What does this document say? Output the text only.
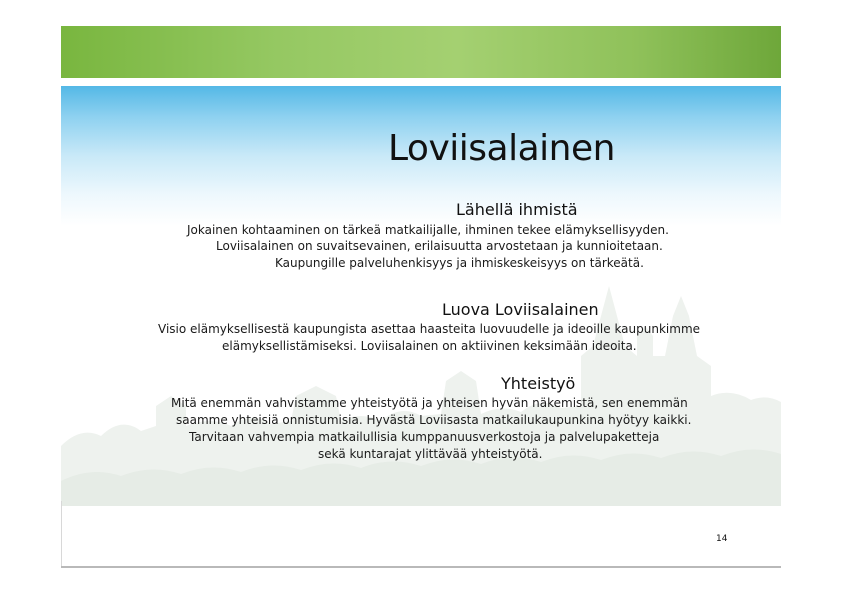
Loviisalainen
Lähellä ihmistä
Jokainen kohtaaminen on tärkeä matkailijalle, ihminen tekee elämyksellisyyden.
Loviisalainen on suvaitsevainen, erilaisuutta arvostetaan ja kunnioitetaan.
Kaupungille palveluhenkisyys ja ihmiskeskeisyys on tärkeätä.
Luova Loviisalainen
Visio elämyksellisestä kaupungista asettaa haasteita luovuudelle ja ideoille kaupunkimme
elämyksellistämiseksi. Loviisalainen on aktiivinen keksimään ideoita.
Yhteistyö
Mitä enemmän vahvistamme yhteistyötä ja yhteisen hyvän näkemistä, sen enemmän
saamme yhteisiä onnistumisia. Hyvästä Loviisasta matkailukaupunkina hyötyy kaikki.
Tarvitaan vahvempia matkailullisia kumppanuusverkostoja ja palvelupaketteja
sekä kuntarajat ylittävää yhteistyötä.
14
